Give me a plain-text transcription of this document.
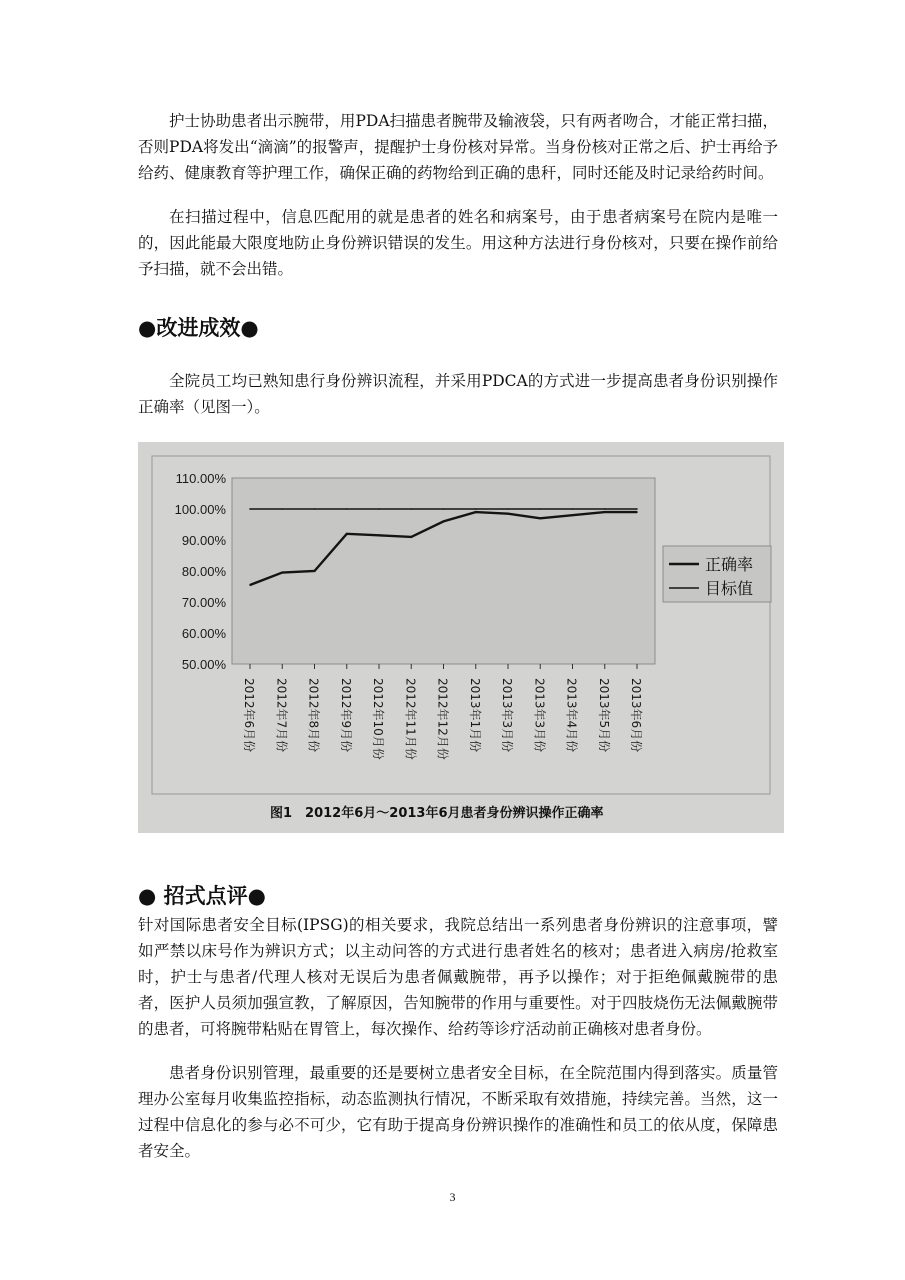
护士协助患者出示腕带，用PDA扫描患者腕带及输液袋，只有两者吻合，才能正常扫描，否则PDA将发出“滴滴”的报警声，提醒护士身份核对异常。当身份核对正常之后、护士再给予给药、健康教育等护理工作，确保正确的药物给到正确的患秆，同时还能及时记录给药时间。

在扫描过程中，信息匹配用的就是患者的姓名和病案号，由于患者病案号在院内是唯一的，因此能最大限度地防止身份辨识错误的发生。用这种方法进行身份核对，只要在操作前给予扫描，就不会出错。

●改进成效●

全院员工均已熟知患行身份辨识流程，并采用PDCA的方式进一步提高患者身份识别操作正确率（见图一）。

110.00%
100.00%
90.00%
80.00%
70.00%
60.00%
50.00%
2012年6月份 2012年7月份 2012年8月份 2012年9月份 2012年10月份 2012年11月份 2012年12月份 2013年1月份 2013年3月份 2013年3月份 2013年4月份 2013年5月份 2013年6月份
正确率
目标值
图1　2012年6月～2013年6月患者身份辨识操作正确率
● 招式点评●

针对国际患者安全目标(IPSG)的相关要求，我院总结出一系列患者身份辨识的注意事项，譬如严禁以床号作为辨识方式；以主动问答的方式进行患者姓名的核对；患者进入病房/抢救室时，护士与患者/代理人核对无误后为患者佩戴腕带，再予以操作；对于拒绝佩戴腕带的患者，医护人员须加强宣教，了解原因，告知腕带的作用与重要性。对于四肢烧伤无法佩戴腕带的患者，可将腕带粘贴在胃管上，每次操作、给药等诊疗活动前正确核对患者身份。

患者身份识别管理，最重要的还是要树立患者安全目标，在全院范围内得到落实。质量管理办公室每月收集监控指标，动态监测执行情况，不断采取有效措施，持续完善。当然，这一过程中信息化的参与必不可少，它有助于提高身份辨识操作的准确性和员工的依从度，保障患者安全。

3
